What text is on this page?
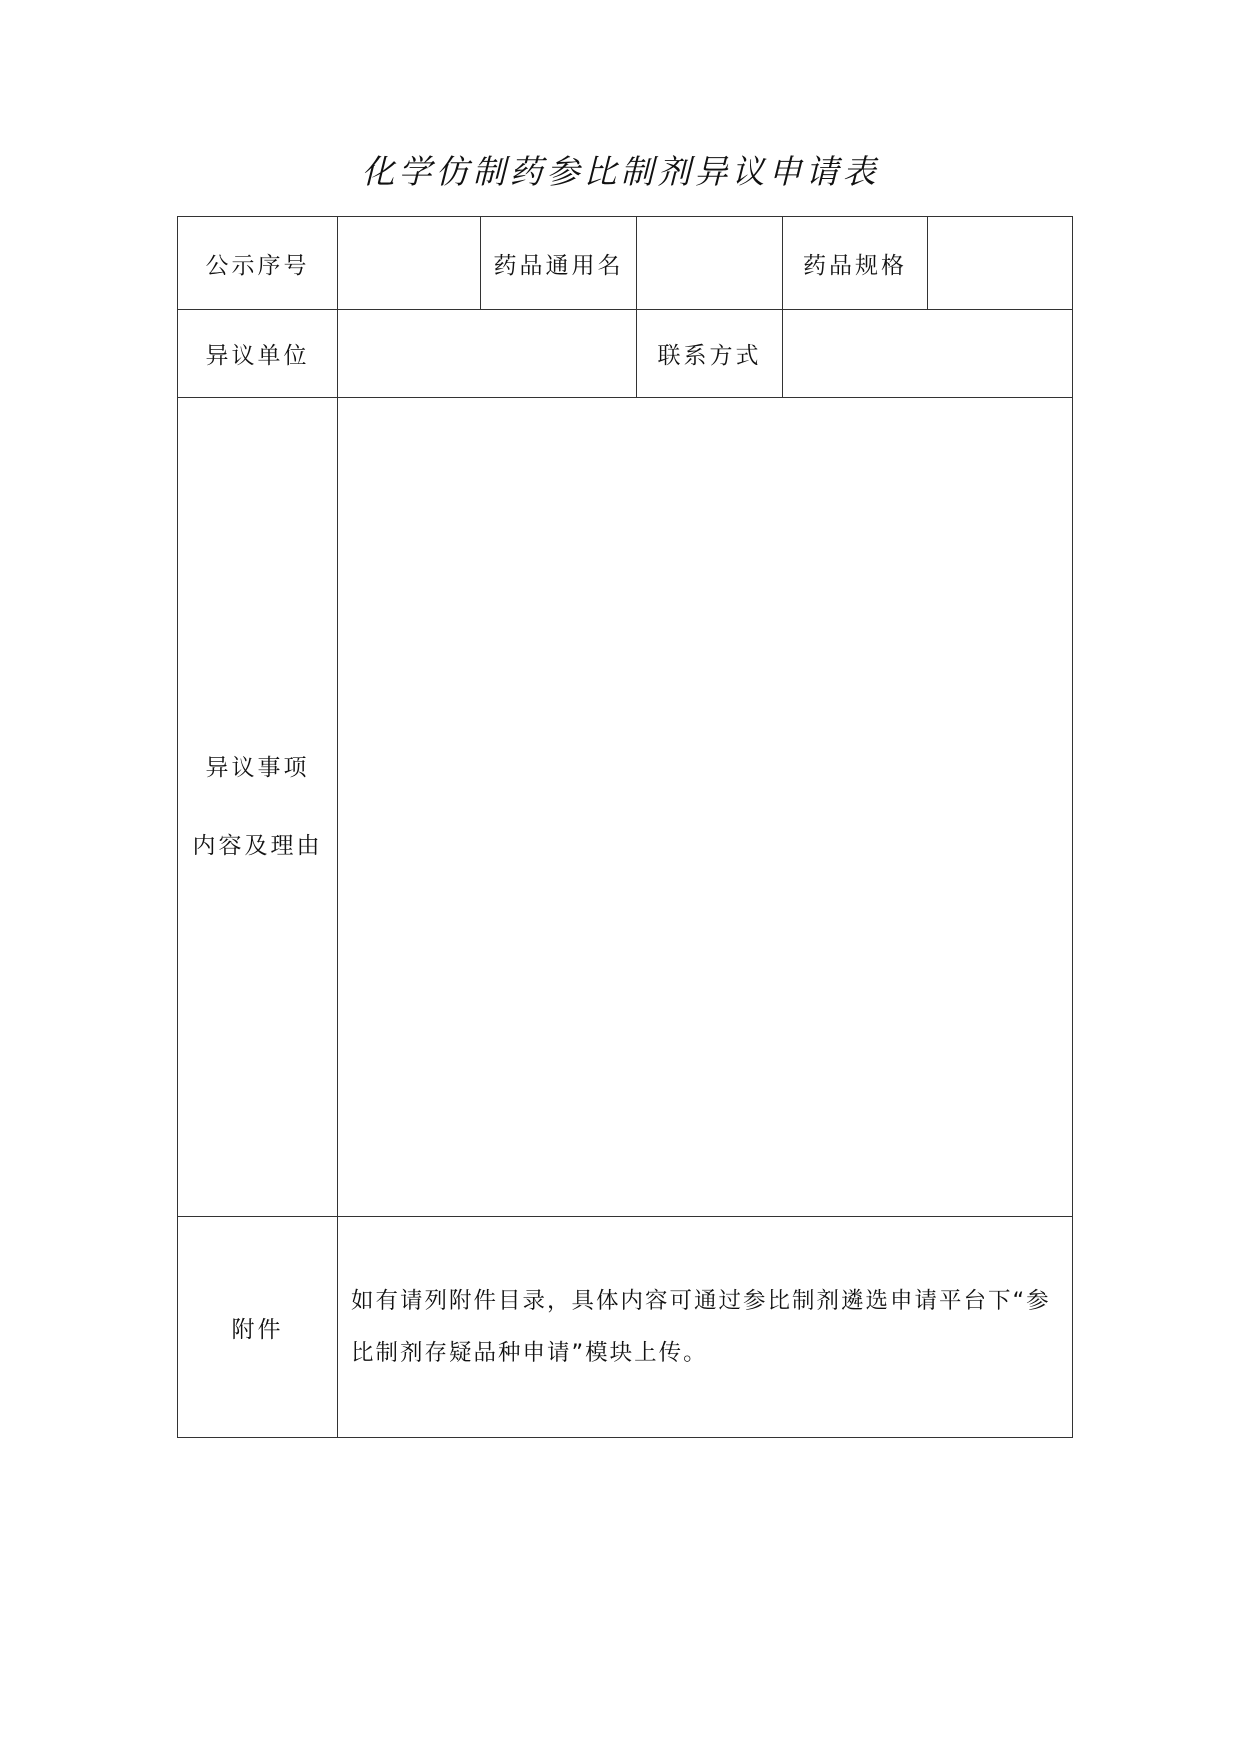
化学仿制药参比制剂异议申请表
公示序号		药品通用名		药品规格	
异议单位			联系方式		

异议事项
内容及理由					

附件	如有请列附件目录，具体内容可通过参比制剂遴选申请平台下“参比制剂存疑品种申请”模块上传。				
